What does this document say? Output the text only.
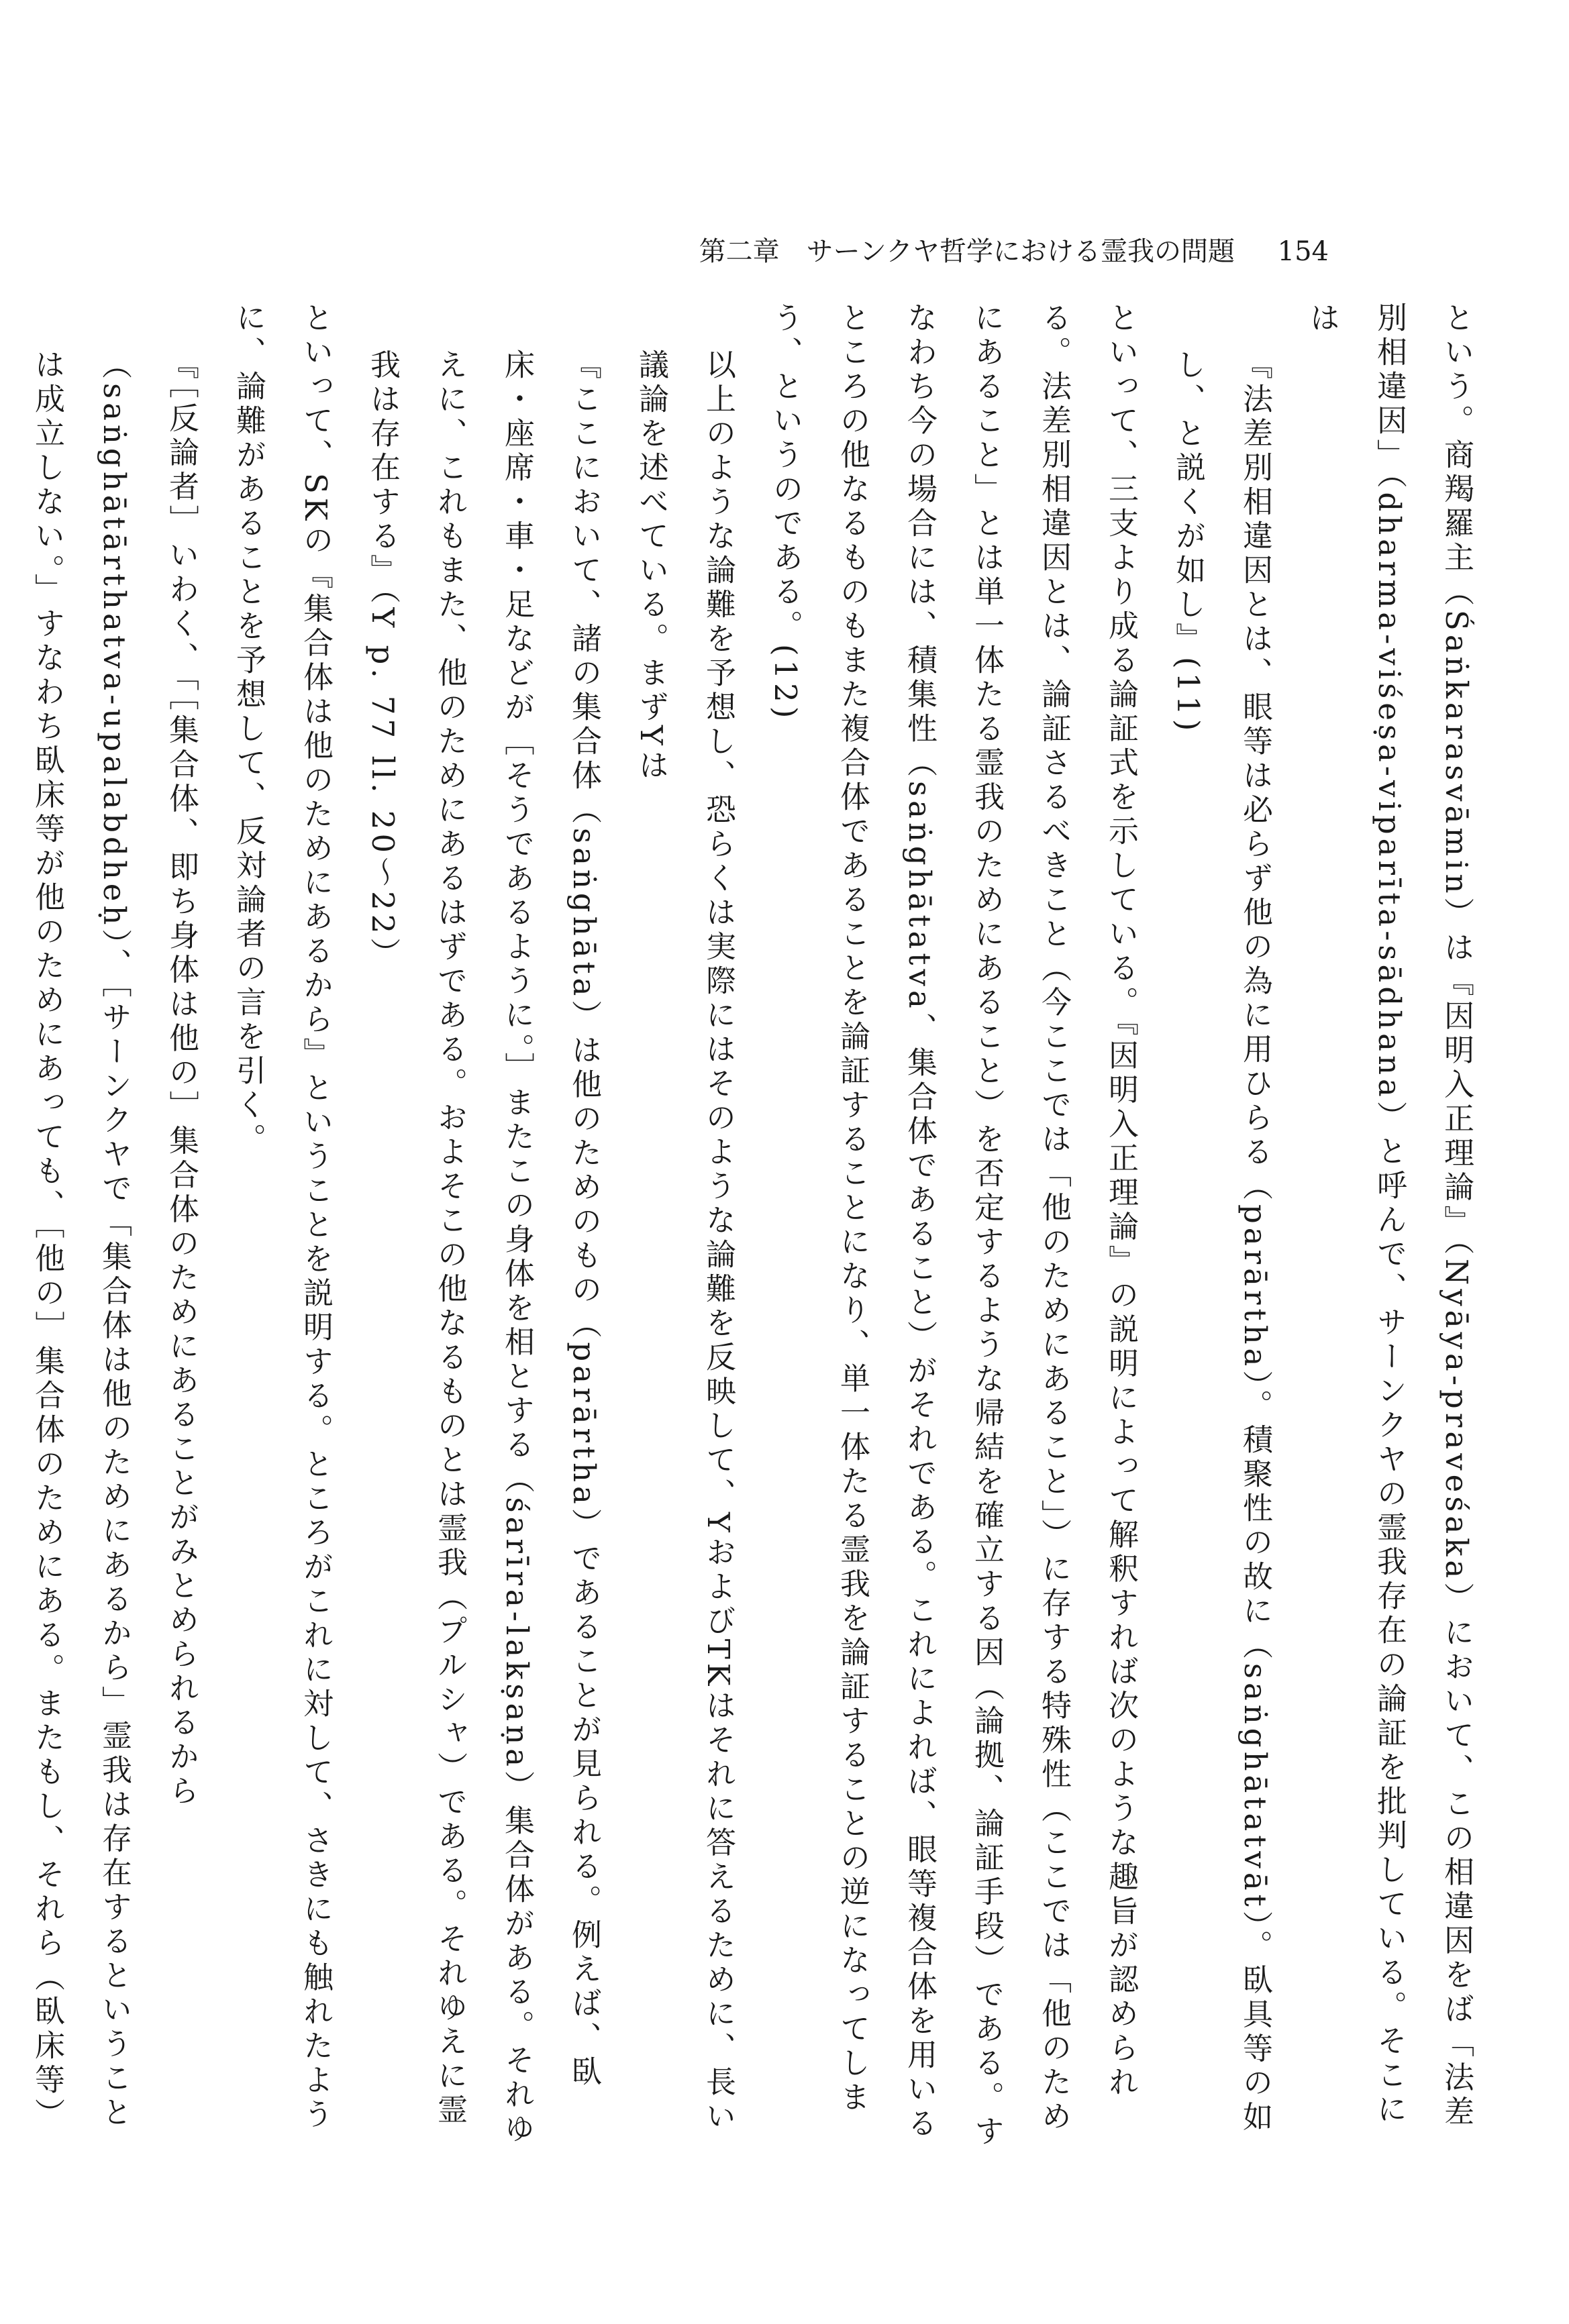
第二章　サーンクヤ哲学における霊我の問題 154

という。商羯羅主（Śaṅkarasvāmin）は『因明入正理論』（Nyāya-praveśaka）において、この相違因をば「法差別相違因」（dharma-viśeṣa-viparīta-sādhana）と呼んで、サーンクヤの霊我存在の論証を批判している。そこには

『法差別相違因とは、眼等は必らず他の為に用ひらる（parārtha）。積聚性の故に（saṅghātatvāt）。臥具等の如し、と説くが如し』(11)

といって、三支より成る論証式を示している。『因明入正理論』の説明によって解釈すれば次のような趣旨が認められる。法差別相違因とは、論証さるべきこと（今ここでは「他のためにあること」）に存する特殊性（ここでは「他のためにあること」とは単一体たる霊我のためにあること）を否定するような帰結を確立する因（論拠、論証手段）である。すなわち今の場合には、積集性（saṅghātatva、集合体であること）がそれである。これによれば、眼等複合体を用いるところの他なるものもまた複合体であることを論証することになり、単一体たる霊我を論証することの逆になってしまう、というのである。(12)

以上のような論難を予想し、恐らくは実際にはそのような論難を反映して、YおよびTKはそれに答えるために、長い議論を述べている。まずYは

『ここにおいて、諸の集合体（saṅghāta）は他のためのもの（parārtha）であることが見られる。例えば、臥床・座席・車・足などが［そうであるように。］またこの身体を相とする（śarīra-lakṣaṇa）集合体がある。それゆえに、これもまた、他のためにあるはずである。およそこの他なるものとは霊我（プルシャ）である。それゆえに霊我は存在する』（Y p. 77 ll. 20〜22）

といって、SKの『集合体は他のためにあるから』ということを説明する。ところがこれに対して、さきにも触れたように、論難があることを予想して、反対論者の言を引く。

『［反論者］いわく、「［集合体、即ち身体は他の］集合体のためにあることがみとめられるから（saṅghātārthatva-upalabdheḥ）、［サーンクヤで「集合体は他のためにあるから」霊我は存在するということは成立しない。」すなわち臥床等が他のためにあっても、［他の］集合体のためにある。またもし、それら（臥床等）
